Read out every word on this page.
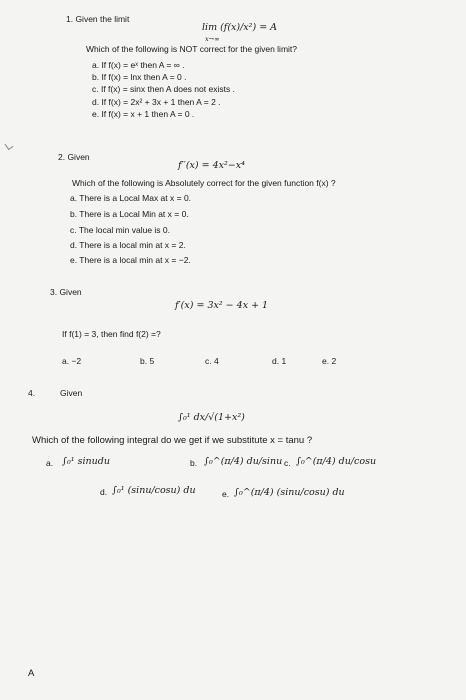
1. Given the limit
lim (f(x)/x²) = A
x→∞
Which of the following is NOT correct for the given limit?
a. If f(x) = eˣ then A = ∞ .
b. If f(x) = lnx then A = 0 .
c. If f(x) = sinx then A does not exists .
d. If f(x) = 2x² + 3x + 1 then A = 2 .
e. If f(x) = x + 1 then A = 0 .
2. Given
f′′(x) = 4x²−x⁴
Which of the following is Absolutely correct for the given function f(x) ?
a. There is a Local Max at x = 0.
b. There is a Local Min at x = 0.
c. The local min value is 0.
d. There is a local min at x = 2.
e. There is a local min at x = −2.
3. Given
f′(x) = 3x² − 4x + 1
If f(1) = 3, then find f(2) =?
a. −2	b. 5	c. 4	d. 1	e. 2
4.	Given
∫₀¹ dx/√(1+x²)
Which of the following integral do we get if we substitute x = tanu ?
a. ∫₀¹ sinudu	b. ∫₀^(π/4) du/sinu c. ∫₀^(π/4) du/cosu
d. ∫₀¹ (sinu/cosu) du	e. ∫₀^(π/4) (sinu/cosu) du
A
